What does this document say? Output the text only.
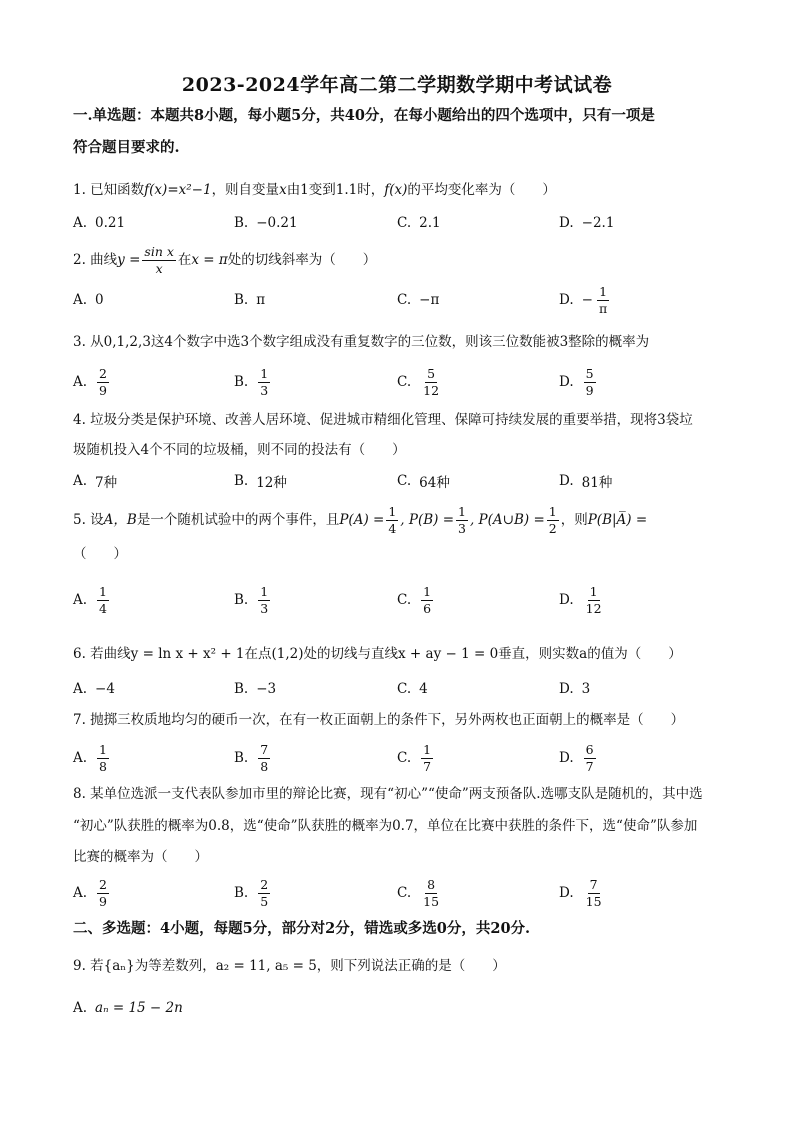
2023-2024学年高二第二学期数学期中考试试卷
一.单选题：本题共8小题，每小题5分，共40分，在每小题给出的四个选项中，只有一项是
符合题目要求的.
1. 已知函数f(x)=x²−1，则自变量x由1变到1.1时，f(x)的平均变化率为（　　）
A. 0.21	B. −0.21	C. 2.1	D. −2.1
2. 曲线$y = \frac{\text{sin x}}{x}$ 在x = π处的切线斜率为（　　）
A. 0	B. π	C. −π	D. − $\frac{1}{\pi}$
3. 从0,1,2,3这4个数字中选3个数字组成没有重复数字的三位数，则该三位数能被3整除的概率为
A. $\frac{2}{9}$	B. $\frac{1}{3}$	C. $\frac{5}{12}$	D. $\frac{5}{9}$
4. 垃圾分类是保护环境、改善人居环境、促进城市精细化管理、保障可持续发展的重要举措，现将3袋垃
圾随机投入4个不同的垃圾桶，则不同的投法有（　　）
A. 7种	B. 12种	C. 64种	D. 81种
5. 设A，B是一个随机试验中的两个事件，且$P(A) = \frac{1}{4}$ , $P(B) = \frac{1}{3}$ , P(A∪B) = $\frac{1}{2}$ ，则P(B|A̅) =
（　　）
A. $\frac{1}{4}$	B. $\frac{1}{3}$	C. $\frac{1}{6}$	D. $\frac{1}{12}$
6. 若曲线y = ln x + x² + 1在点(1,2)处的切线与直线x + ay − 1 = 0垂直，则实数a的值为（　　）
A. −4	B. −3	C. 4	D. 3
7. 抛掷三枚质地均匀的硬币一次，在有一枚正面朝上的条件下，另外两枚也正面朝上的概率是（　　）
A. $\frac{1}{8}$	B. $\frac{7}{8}$	C. $\frac{1}{7}$	D. $\frac{6}{7}$
8. 某单位选派一支代表队参加市里的辩论比赛，现有“初心”“使命”两支预备队.选哪支队是随机的，其中选
“初心”队获胜的概率为0.8，选“使命”队获胜的概率为0.7，单位在比赛中获胜的条件下，选“使命”队参加
比赛的概率为（　　）
A. $\frac{2}{9}$	B. $\frac{2}{5}$	C. $\frac{8}{15}$	D. $\frac{7}{15}$
二、多选题：4小题，每题5分，部分对2分，错选或多选0分，共20分.
9. 若{aₙ}为等差数列，a₂ = 11, a₅ = 5，则下列说法正确的是（　　）
A. aₙ = 15 − 2n
